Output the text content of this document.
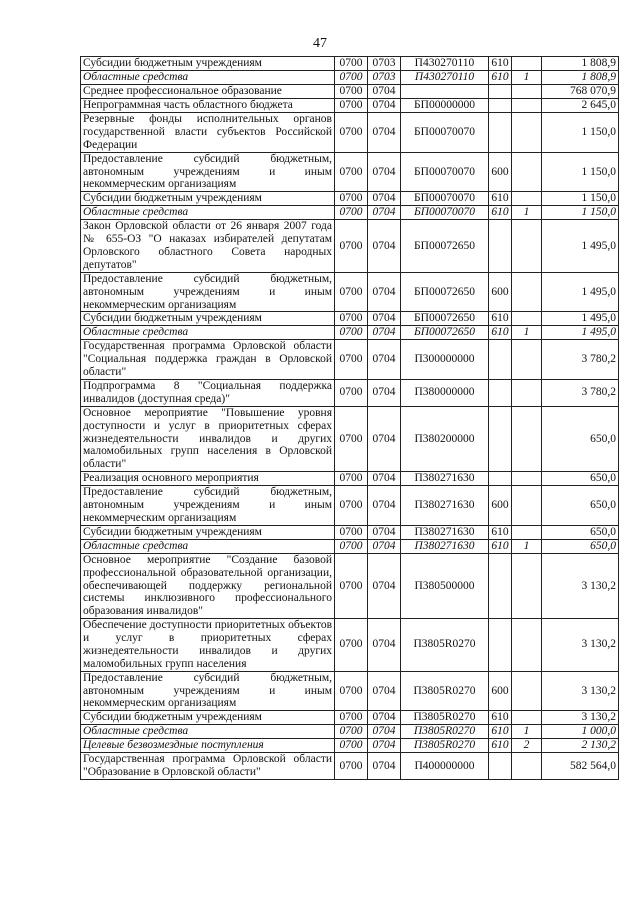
47
Субсидии бюджетным учреждениям	0700	0703	П430270110	610		1 808,9
Областные средства	0700	0703	П430270110	610	1	1 808,9
Среднее профессиональное образование	0700	0704				768 070,9
Непрограммная часть областного бюджета	0700	0704	БП00000000			2 645,0
Резервные фонды исполнительных органов государственной власти субъектов Российской Федерации	0700	0704	БП00070070			1 150,0
Предоставление субсидий бюджетным, автономным учреждениям и иным некоммерческим организациям	0700	0704	БП00070070	600		1 150,0
Субсидии бюджетным учреждениям	0700	0704	БП00070070	610		1 150,0
Областные средства	0700	0704	БП00070070	610	1	1 150,0
Закон Орловской области от 26 января 2007 года № 655-ОЗ "О наказах избирателей депутатам Орловского областного Совета народных депутатов"	0700	0704	БП00072650			1 495,0
Предоставление субсидий бюджетным, автономным учреждениям и иным некоммерческим организациям	0700	0704	БП00072650	600		1 495,0
Субсидии бюджетным учреждениям	0700	0704	БП00072650	610		1 495,0
Областные средства	0700	0704	БП00072650	610	1	1 495,0
Государственная программа Орловской области "Социальная поддержка граждан в Орловской области"	0700	0704	П300000000			3 780,2
Подпрограмма 8 "Социальная поддержка инвалидов (доступная среда)"	0700	0704	П380000000			3 780,2
Основное мероприятие "Повышение уровня доступности и услуг в приоритетных сферах жизнедеятельности инвалидов и других маломобильных групп населения в Орловской области"	0700	0704	П380200000			650,0
Реализация основного мероприятия	0700	0704	П380271630			650,0
Предоставление субсидий бюджетным, автономным учреждениям и иным некоммерческим организациям	0700	0704	П380271630	600		650,0
Субсидии бюджетным учреждениям	0700	0704	П380271630	610		650,0
Областные средства	0700	0704	П380271630	610	1	650,0
Основное мероприятие "Создание базовой профессиональной образовательной организации, обеспечивающей поддержку региональной системы инклюзивного профессионального образования инвалидов"	0700	0704	П380500000			3 130,2
Обеспечение доступности приоритетных объектов и услуг в приоритетных сферах жизнедеятельности инвалидов и других маломобильных групп населения	0700	0704	П3805R0270			3 130,2
Предоставление субсидий бюджетным, автономным учреждениям и иным некоммерческим организациям	0700	0704	П3805R0270	600		3 130,2
Субсидии бюджетным учреждениям	0700	0704	П3805R0270	610		3 130,2
Областные средства	0700	0704	П3805R0270	610	1	1 000,0
Целевые безвозмездные поступления	0700	0704	П3805R0270	610	2	2 130,2
Государственная программа Орловской области "Образование в Орловской области"	0700	0704	П400000000			582 564,0
